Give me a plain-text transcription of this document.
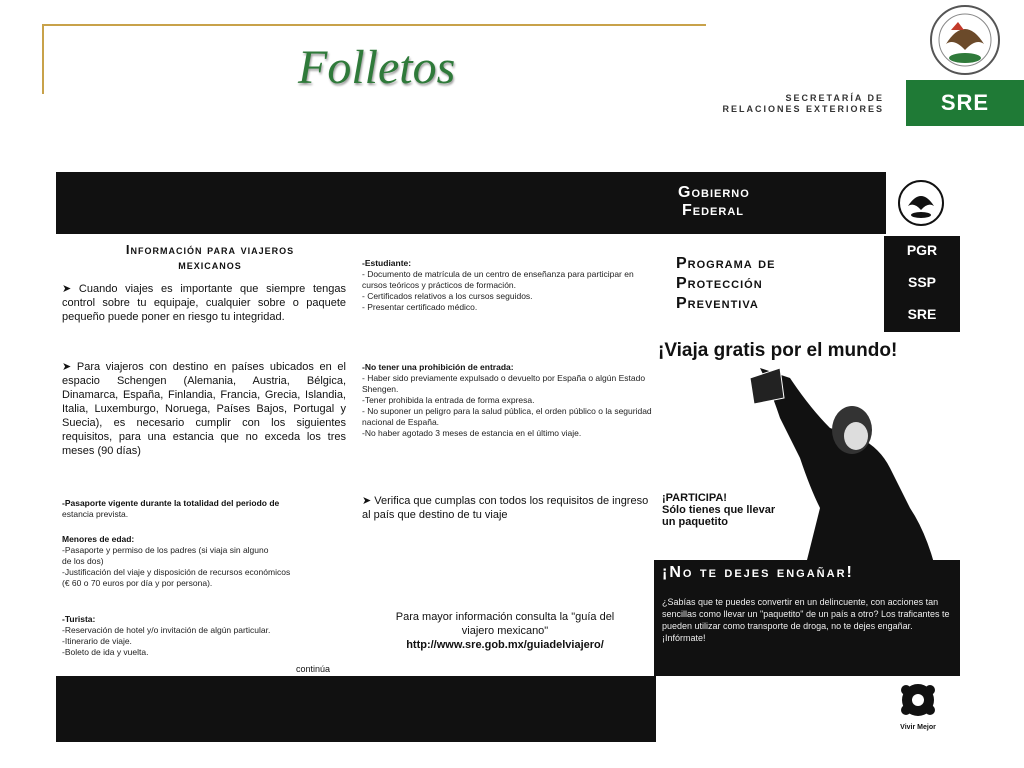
Folletos
SECRETARÍA DE
RELACIONES EXTERIORES	SRE
Gobierno
Federal
Programa de
Protección
Preventiva
PGR
SSP
SRE
¡Viaja gratis por el mundo!
¡PARTICIPA!
Sólo tienes que llevar
un paquetito
¡No te dejes engañar!
¿Sabías que te puedes convertir en un delincuente, con acciones tan sencillas como llevar un "paquetito" de un país a otro? Los traficantes te pueden utilizar como transporte de droga, no te dejes engañar. ¡Infórmate!
Vivir Mejor
Información para viajeros
mexicanos
➤ Cuando viajes es importante que siempre tengas control sobre tu equipaje, cualquier sobre o paquete pequeño puede poner en riesgo tu integridad.
➤ Para viajeros con destino en países ubicados en el espacio Schengen (Alemania, Austria, Bélgica, Dinamarca, España, Finlandia, Francia, Grecia, Islandia, Italia, Luxemburgo, Noruega, Países Bajos, Portugal y Suecia), es necesario cumplir con los siguientes requisitos, para una estancia que no exceda los tres meses (90 días)
-Pasaporte vigente durante la totalidad del periodo de
estancia prevista.
Menores de edad:
-Pasaporte y permiso de los padres (si viaja sin alguno
de los dos)
-Justificación del viaje y disposición de recursos económicos
(€ 60 o 70 euros por día y por persona).
-Turista:
-Reservación de hotel y/o invitación de algún particular.
-Itinerario de viaje.
-Boleto de ida y vuelta.
continúa
-Estudiante:
- Documento de matrícula de un centro de enseñanza para participar en cursos teóricos y prácticos de formación.
- Certificados relativos a los cursos seguidos.
- Presentar certificado médico.
-No tener una prohibición de entrada:
- Haber sido previamente expulsado o devuelto por España o algún Estado Shengen.
-Tener prohibida la entrada de forma expresa.
- No suponer un peligro para la salud pública, el orden público o la seguridad nacional de España.
-No haber agotado 3 meses de estancia en el último viaje.
➤ Verifica que cumplas con todos los requisitos de ingreso al país que destino de tu viaje
Para mayor información consulta la "guía del
viajero mexicano"
http://www.sre.gob.mx/guiadelviajero/
